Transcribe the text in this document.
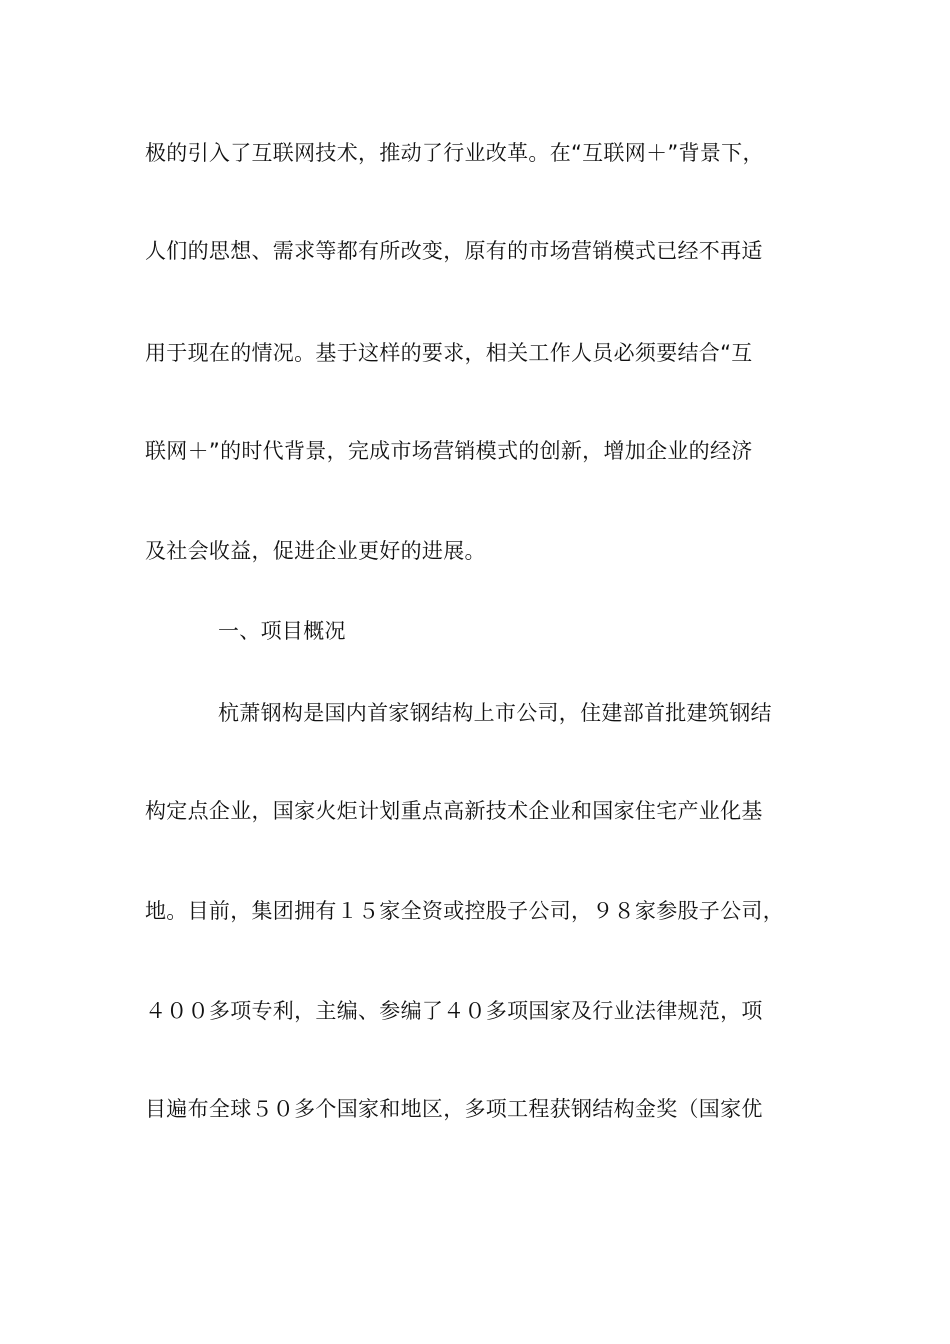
极的引入了互联网技术，推动了行业改革。在“互联网＋”背景下，
人们的思想、需求等都有所改变，原有的市场营销模式已经不再适
用于现在的情况。基于这样的要求，相关工作人员必须要结合“互
联网＋”的时代背景，完成市场营销模式的创新，增加企业的经济
及社会收益，促进企业更好的进展。
一、项目概况
杭萧钢构是国内首家钢结构上市公司，住建部首批建筑钢结
构定点企业，国家火炬计划重点高新技术企业和国家住宅产业化基
地。目前，集团拥有１５家全资或控股子公司，９８家参股子公司，
４００多项专利，主编、参编了４０多项国家及行业法律规范，项
目遍布全球５０多个国家和地区，多项工程获钢结构金奖（国家优
